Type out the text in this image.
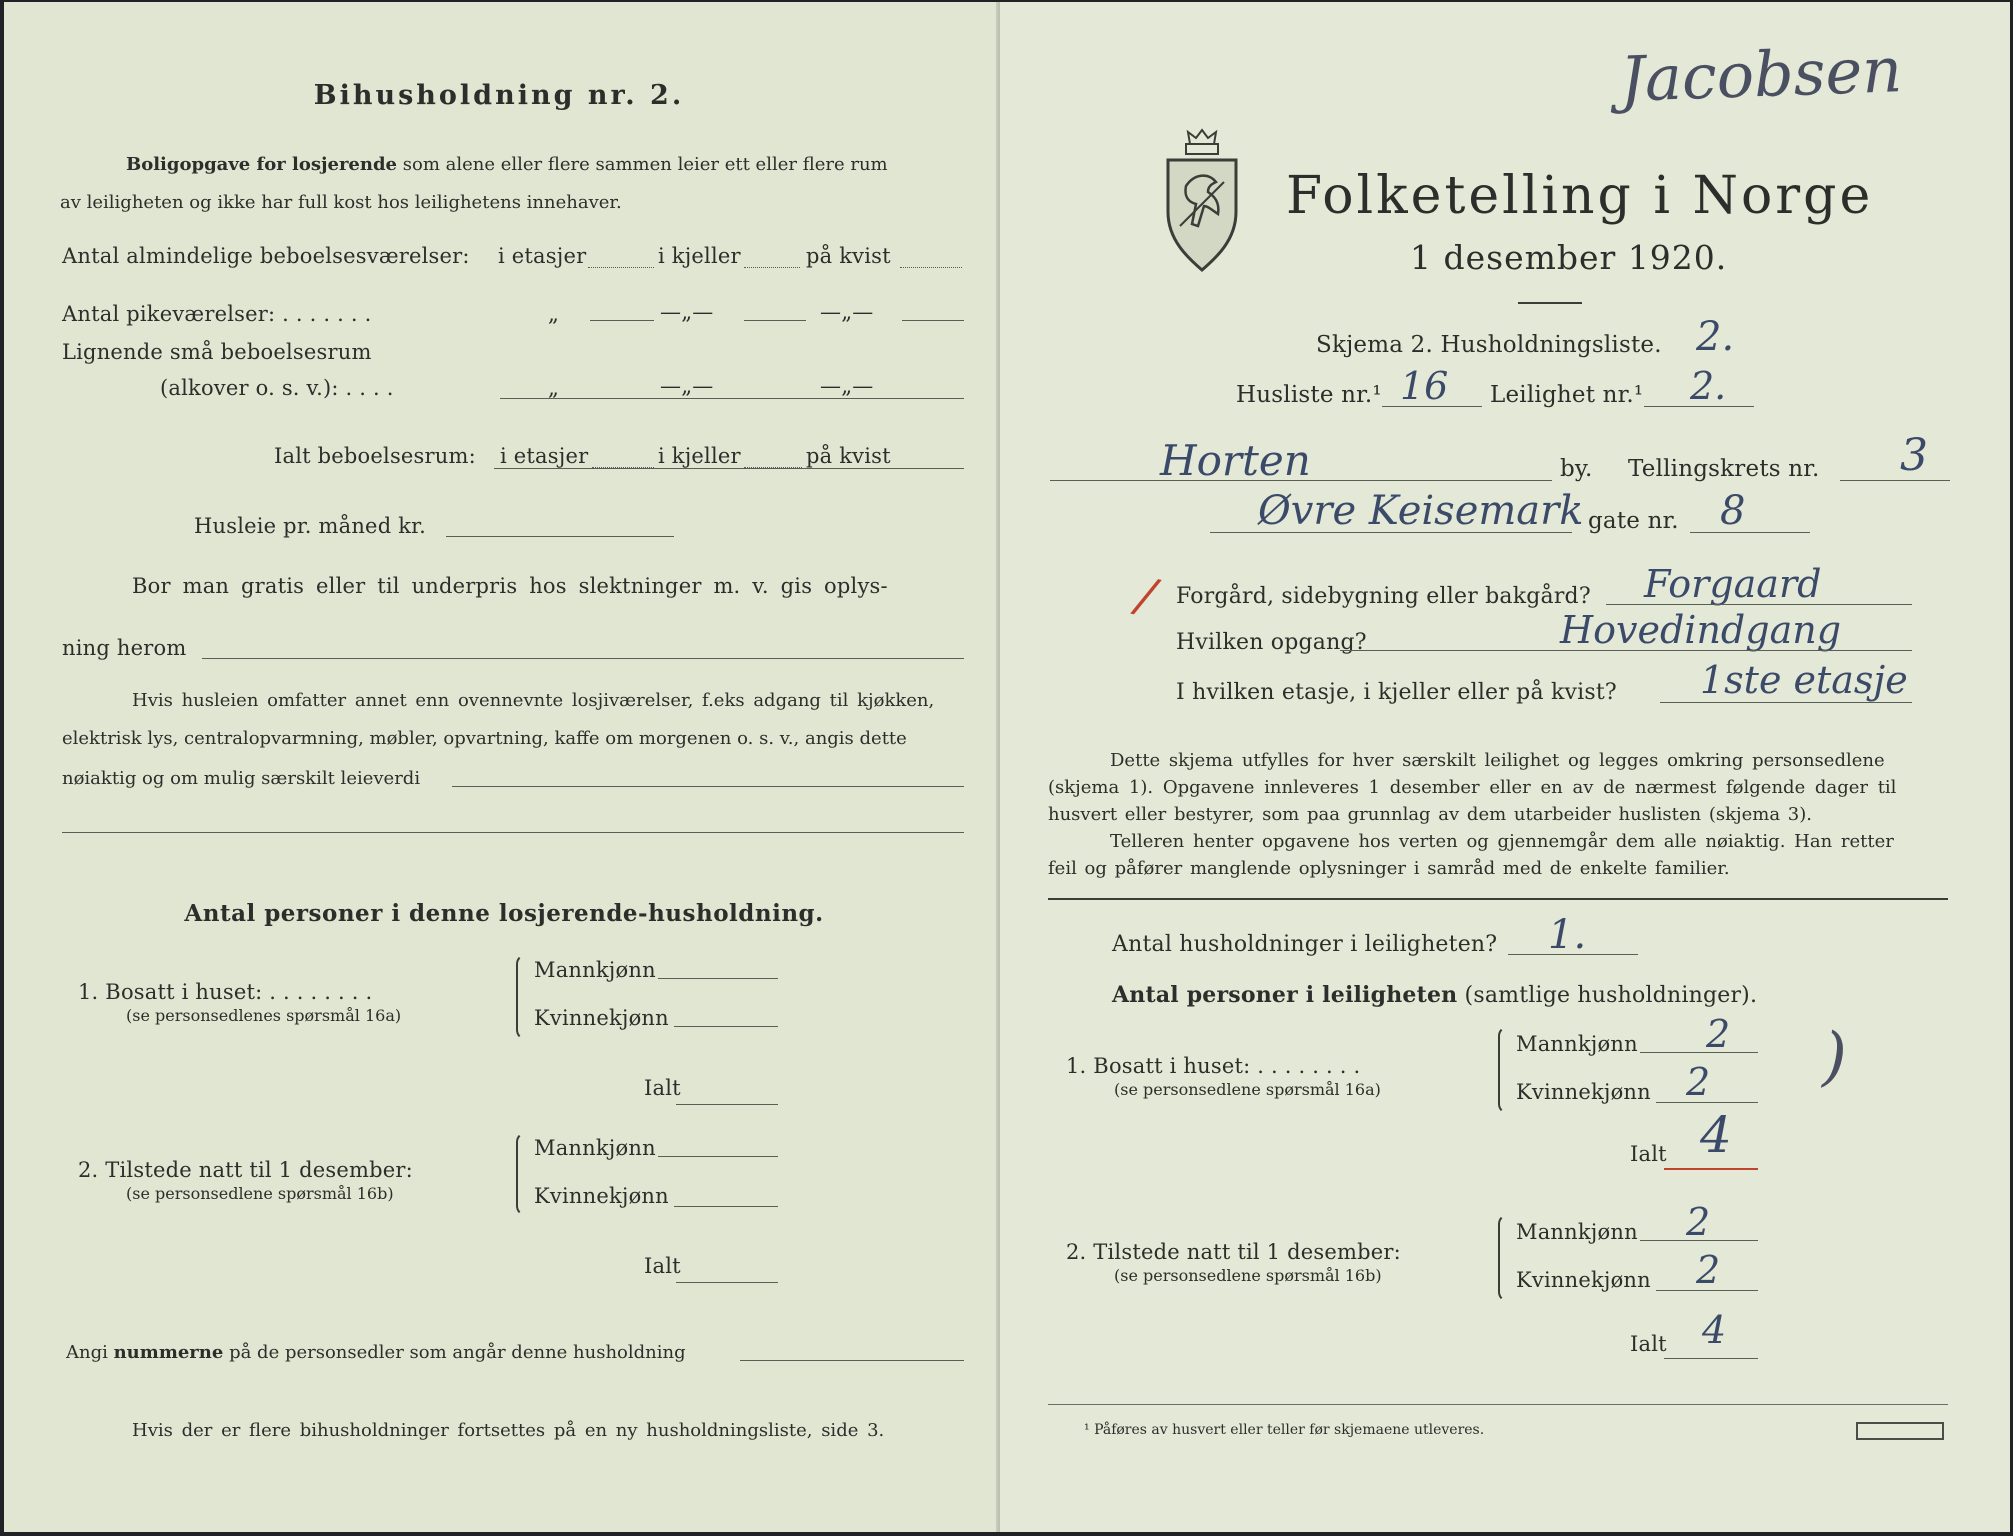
Bihusholdning nr. 2.
Boligopgave for losjerende som alene eller flere sammen leier ett eller flere rum
av leiligheten og ikke har full kost hos leilighetens innehaver.
Antal almindelige beboelsesværelser: i etasjer	i kjeller	på kvist
Antal pikeværelser: . . . . . . .	„	—„—	—„—
Lignende små beboelsesrum
(alkover o. s. v.): . . . .	„	—„—	—„—
Ialt beboelsesrum: i etasjer	i kjeller	på kvist
Husleie pr. måned kr.
Bor man gratis eller til underpris hos slektninger m. v. gis oplys-
ning herom
Hvis husleien omfatter annet enn ovennevnte losjiværelser, f.eks adgang til kjøkken,
elektrisk lys, centralopvarmning, møbler, opvartning, kaffe om morgenen o. s. v., angis dette
nøiaktig og om mulig særskilt leieverdi
Antal personer i denne losjerende-husholdning.
1. Bosatt i huset: . . . . . . . .
(se personsedlenes spørsmål 16a)
Mannkjønn
Kvinnekjønn
Ialt
2. Tilstede natt til 1 desember:
(se personsedlene spørsmål 16b)
Mannkjønn
Kvinnekjønn
Ialt
Angi nummerne på de personsedler som angår denne husholdning
Hvis der er flere bihusholdninger fortsettes på en ny husholdningsliste, side 3.
Jacobsen
Folketelling i Norge
1 desember 1920.
Skjema 2. Husholdningsliste. 2.
Husliste nr.¹ 16 Leilighet nr.¹ 2.
Horten	by. Tellingskrets nr. 3
Øvre Keisemark gate nr. 8
/ Forgård, sidebygning eller bakgård? Forgaard
Hvilken opgang?	Hovedindgang
I hvilken etasje, i kjeller eller på kvist? 1ste etasje
Dette skjema utfylles for hver særskilt leilighet og legges omkring personsedlene
(skjema 1). Opgavene innleveres 1 desember eller en av de nærmest følgende dager til
husvert eller bestyrer, som paa grunnlag av dem utarbeider huslisten (skjema 3).
Telleren henter opgavene hos verten og gjennemgår dem alle nøiaktig. Han retter
feil og påfører manglende oplysninger i samråd med de enkelte familier.
Antal husholdninger i leiligheten? 1.
Antal personer i leiligheten (samtlige husholdninger).
1. Bosatt i huset: . . . . . . . .
(se personsedlene spørsmål 16a)
Mannkjønn 2
Kvinnekjønn 2
Ialt 4
)
2. Tilstede natt til 1 desember:
(se personsedlene spørsmål 16b)
Mannkjønn 2
Kvinnekjønn 2
Ialt 4
¹ Påføres av husvert eller teller før skjemaene utleveres.
